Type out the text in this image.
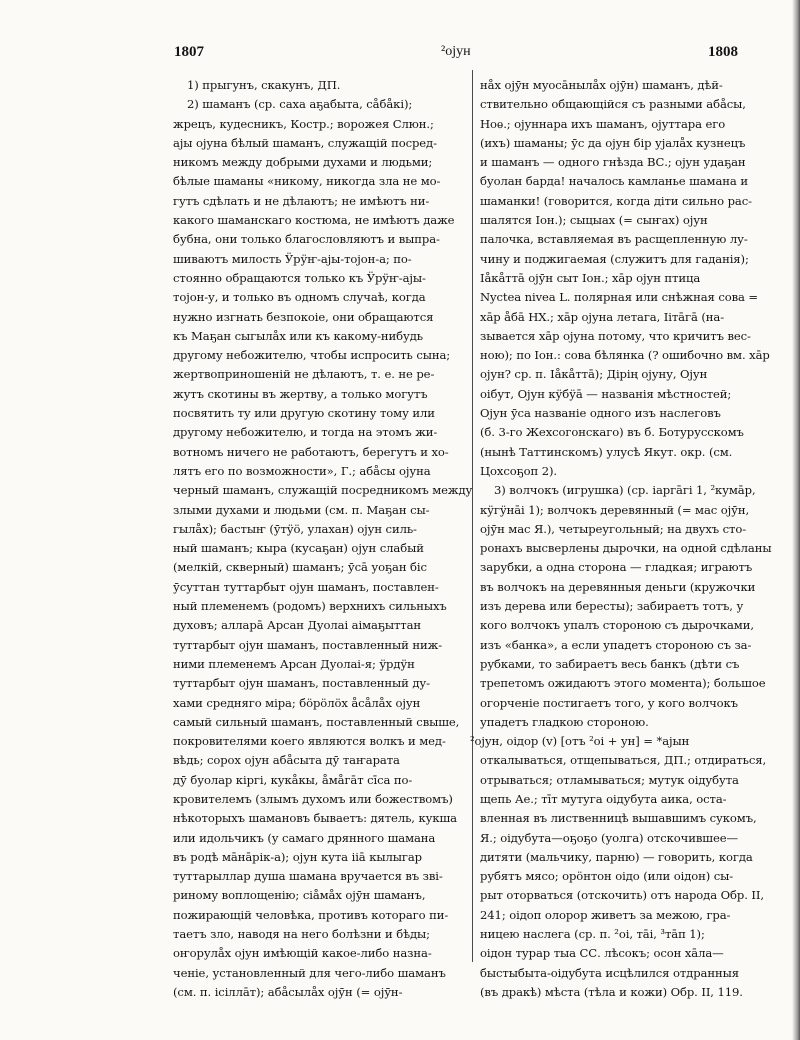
1807	²ојун	1808
1) прыгунъ, скакунъ, ДП.
2) шаманъ (ср. саха аҕабыта, сåбåкі);
жрецъ, кудесникъ, Костр.; ворожея Слюн.;
аjы ојуна бѣлый шаманъ, служащій посред-
никомъ между добрыми духами и людьми;
бѣлые шаманы «никому, никогда зла не мо-
гутъ сдѣлать и не дѣлаютъ; не имѣютъ ни-
какого шаманскаго костюма, не имѣютъ даже
бубна, они только благословляютъ и выпра-
шиваютъ милость Ӱрӱҥ-аjы-тојон-а; по-
стоянно обращаются только къ Ӱрӱҥ-аjы-
тојон-у, и только въ одномъ случаѣ, когда
нужно изгнать безпокоіе, они обращаются
къ Маҕан сыгылåх или къ какому-нибудь
другому небожителю, чтобы испросить сына;
жертвоприношеній не дѣлаютъ, т. е. не ре-
жутъ скотины въ жертву, а только могутъ
посвятить ту или другую скотину тому или
другому небожителю, и тогда на этомъ жи-
вотномъ ничего не работаютъ, берегутъ и хо-
лятъ его по возможности», Г.; абåсы ојуна
черный шаманъ, служащій посредникомъ между
злыми духами и людьми (см. п. Маҕан сы-
гылåх); бастыҥ (ӯтӱö, улахан) ојун силь-
ный шаманъ; кыра (кусаҕан) ојун слабый
(мелкій, скверный) шаманъ; ӯсā уоҕан біс
ӯсуттан туттарбыт ојун шаманъ, поставлен-
ный племенемъ (родомъ) верхнихъ сильныхъ
духовъ; алларā Арсан Дуолаі аімаҕыттан
туттарбыт ојун шаманъ, поставленный ниж-
ними племенемъ Арсан Дуолаі-я; ӱрдӱн
туттарбыт ојун шаманъ, поставленный ду-
хами средняго міра; бöрöлöх åсåлåх ојун
самый сильный шаманъ, поставленный свыше,
покровителями коего являются волкъ и мед-
вѣдь; сорох ојун абåсыта дӯ таҥарата
дӯ буолар кіргі, кукåкы, åмåгāт сīса по-
кровителемъ (злымъ духомъ или божествомъ)
нѣкоторыхъ шамановъ бываетъ: дятель, кукша
или идольчикъ (у самаго дрянного шамана
въ родѣ мāнāрік-а); ојун кута ііā кылыгар
туттарыллар душа шамана вручается въ зві-
риному воплощенію; сіåмåх ојӯн шаманъ,
пожирающій человѣка, противъ котораго пи-
таетъ зло, наводя на него болѣзни и бѣды;
оҥорулåх ојун имѣющій какое-либо назна-
ченіе, установленный для чего-либо шаманъ
(см. п. ісіллāт); абåсылåх ојӯн (= ојӯн-
нåх ојӯн муосāнылåх ојӯн) шаманъ, дѣй-
ствительно общающійся съ разными абåсы,
Ноѳ.; ојуннара ихъ шаманъ, ојуттара его
(ихъ) шаманы; ӯс да ојун бір ујалåх кузнецъ
и шаманъ — одного гнѣзда ВС.; ојун удаҕан
буолан барда! началось камланье шамана и
шаманки! (говорится, когда діти сильно рас-
шалятся Іон.); сыцыах (= сыҥах) ојун
палочка, вставляемая въ расщепленную лу-
чину и поджигаемая (служитъ для гаданія);
Іåкåттā ојӯн сыт Іон.; хāр ојун птица
Nyctea nivea L. полярная или снѣжная сова =
хāр åбā НХ.; хāр ојуна летага, Іітāгā (на-
зывается хāр ојуна потому, что кричитъ вес-
ною); по Іон.: сова бѣлянка (? ошибочно вм. хāр
ојун? ср. п. Іåкåттā); Дірің ојуну, Ојун
оібут, Ојун кӱбӱā — названія мѣстностей;
Ојун ӯса названіе одного изъ наслеговъ
(б. 3-го Жехсогонскаго) въ б. Ботурусскомъ
(нынѣ Таттинскомъ) улусѣ Якут. окр. (см.
Цохсоҕоп 2).
3) волчокъ (игрушка) (ср. іаргāгі 1, ²кумāр,
кӱгӱнāі 1); волчокъ деревянный (= мас ојӯн,
ојӯн мас Я.), четыреугольный; на двухъ сто-
ронахъ высверлены дырочки, на одной сдѣланы
зарубки, а одна сторона — гладкая; играютъ
въ волчокъ на деревянныя деньги (кружочки
изъ дерева или бересты); забираетъ тотъ, у
кого волчокъ упалъ стороною съ дырочками,
изъ «банка», а если упадетъ стороною съ за-
рубками, то забираетъ весь банкъ (дѣти съ
трепетомъ ожидаютъ этого момента); большое
огорченіе постигаетъ того, у кого волчокъ
упадетъ гладкою стороною.
²ојун, оідор (v) [отъ ²оі + ун] = *аjын
откалываться, отщепываться, ДП.; отдираться,
отрываться; отламываться; мутук оідубута
щепь Ае.; тīт мутуга оідубута аика, оста-
вленная въ лиственницѣ вышавшимъ сукомъ,
Я.; оідубута—оҕоҕо (уолга) отскочившее—
дитяти (мальчику, парню) — говорить, когда
рубятъ мясо; орöнтон оідо (или оідон) сы-
рыт оторваться (отскочить) отъ народа Обр. II,
241; оідоп олорор живетъ за межою, гра-
ницею наслега (ср. п. ²оі, тāі, ³тāп 1);
оідон турар тыа СС. лѣсокъ; осон хāла—
быстыбыта-оідубута исцѣлился отдранныя
(въ дракѣ) мѣста (тѣла и кожи) Обр. II, 119.
